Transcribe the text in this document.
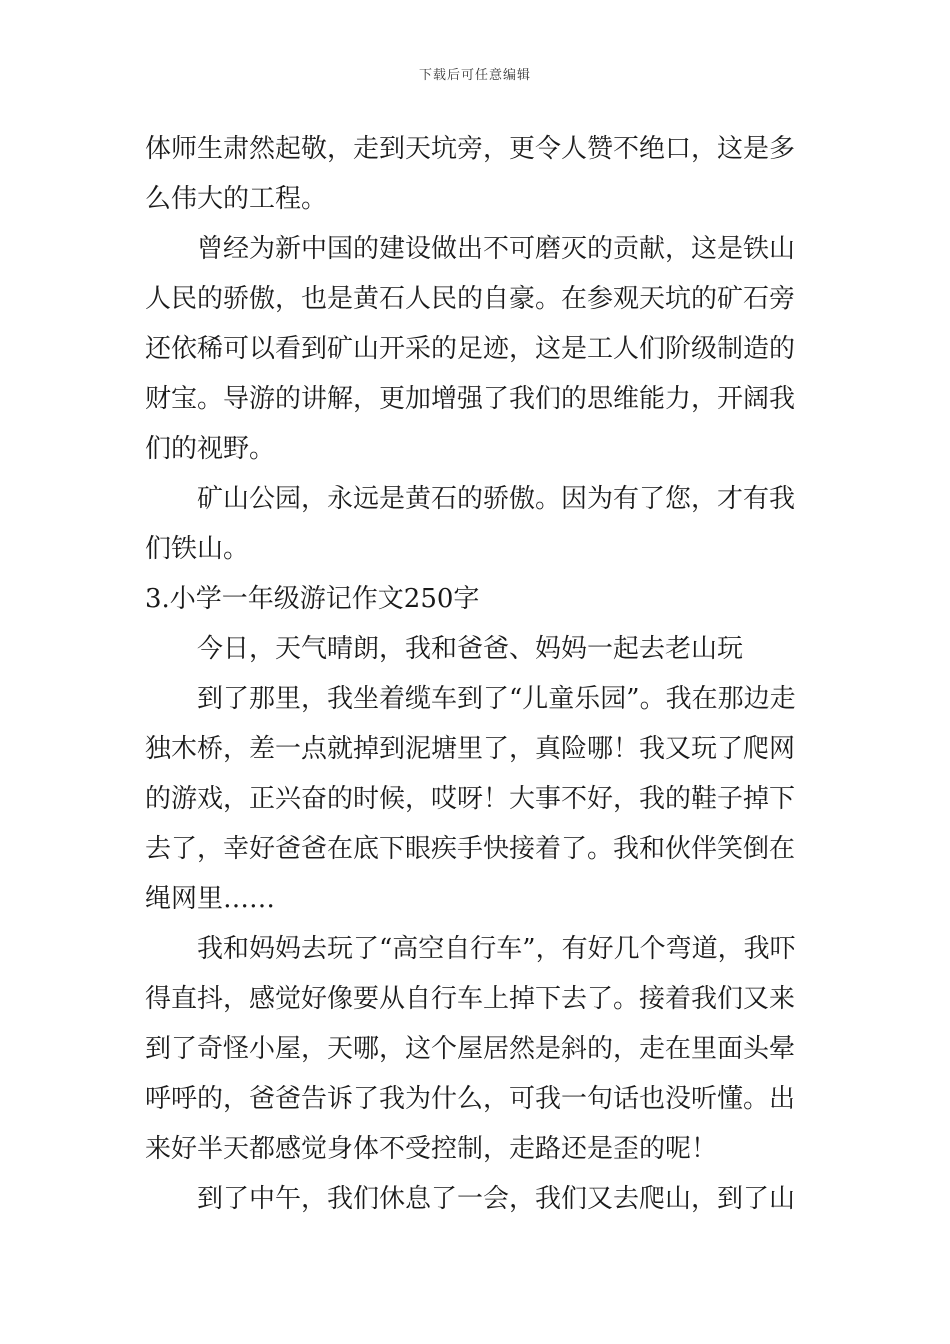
下载后可任意编辑

体师生肃然起敬，走到天坑旁，更令人赞不绝口，这是多么伟大的工程。

曾经为新中国的建设做出不可磨灭的贡献，这是铁山人民的骄傲，也是黄石人民的自豪。在参观天坑的矿石旁还依稀可以看到矿山开采的足迹，这是工人们阶级制造的财宝。导游的讲解，更加增强了我们的思维能力，开阔我们的视野。

矿山公园，永远是黄石的骄傲。因为有了您，才有我们铁山。

3.小学一年级游记作文250字

今日，天气晴朗，我和爸爸、妈妈一起去老山玩

到了那里，我坐着缆车到了“儿童乐园”。我在那边走独木桥，差一点就掉到泥塘里了，真险哪！我又玩了爬网的游戏，正兴奋的时候，哎呀！大事不好，我的鞋子掉下去了，幸好爸爸在底下眼疾手快接着了。我和伙伴笑倒在绳网里……

我和妈妈去玩了“高空自行车”，有好几个弯道，我吓得直抖，感觉好像要从自行车上掉下去了。接着我们又来到了奇怪小屋，天哪，这个屋居然是斜的，走在里面头晕呼呼的，爸爸告诉了我为什么，可我一句话也没听懂。出来好半天都感觉身体不受控制，走路还是歪的呢！

到了中午，我们休息了一会，我们又去爬山，到了山
